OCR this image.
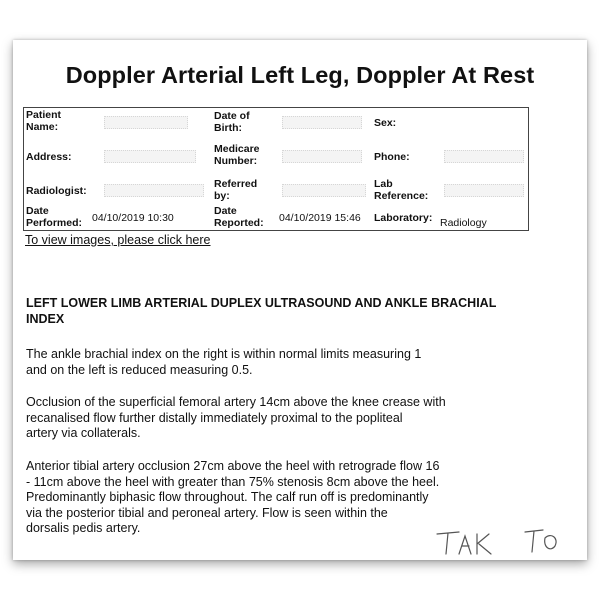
Doppler Arterial Left Leg, Doppler At Rest
Patient
Name:
Date of
Birth:	Sex:
Address:
Medicare
Number:	Phone:
Radiologist:
Referred
by:
Lab
Reference:
Date
Performed: 04/10/2019 10:30
Date
Reported: 04/10/2019 15:46 Laboratory: Radiology
To view images, please click here
LEFT LOWER LIMB ARTERIAL DUPLEX ULTRASOUND AND ANKLE BRACHIAL
INDEX
The ankle brachial index on the right is within normal limits measuring 1
and on the left is reduced measuring 0.5.
Occlusion of the superficial femoral artery 14cm above the knee crease with
recanalised flow further distally immediately proximal to the popliteal
artery via collaterals.
Anterior tibial artery occlusion 27cm above the heel with retrograde flow 16
- 11cm above the heel with greater than 75% stenosis 8cm above the heel.
Predominantly biphasic flow throughout. The calf run off is predominantly
via the posterior tibial and peroneal artery. Flow is seen within the
dorsalis pedis artery.
